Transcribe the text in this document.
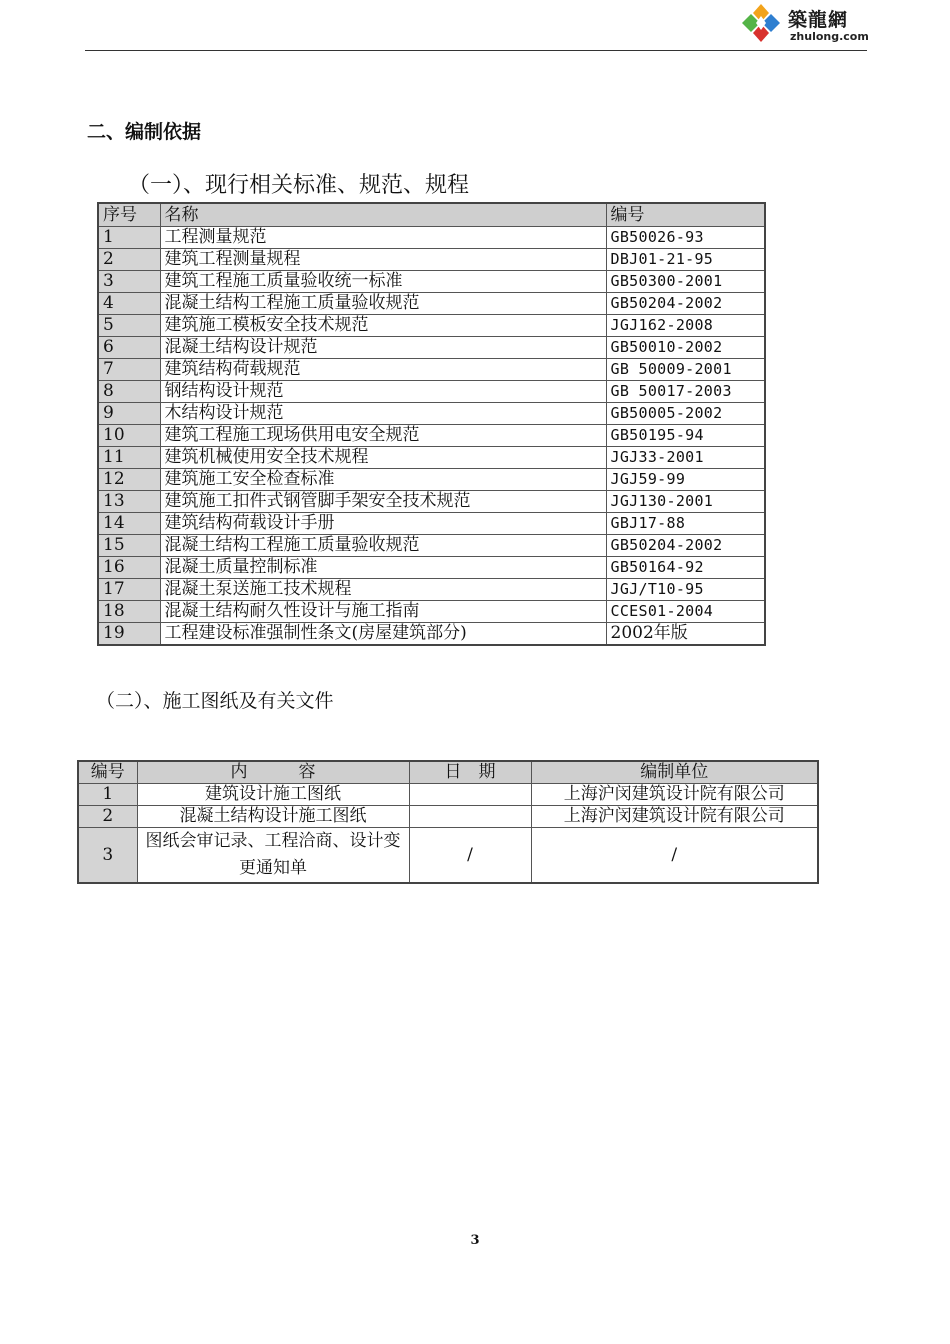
築龍網
zhulong.com
二、编制依据
（一）、现行相关标准、规范、规程
序号	名称	编号
1	工程测量规范	GB50026-93
2	建筑工程测量规程	DBJ01-21-95
3	建筑工程施工质量验收统一标准	GB50300-2001
4	混凝土结构工程施工质量验收规范	GB50204-2002
5	建筑施工模板安全技术规范	JGJ162-2008
6	混凝土结构设计规范	GB50010-2002
7	建筑结构荷载规范	GB 50009-2001
8	钢结构设计规范	GB 50017-2003
9	木结构设计规范	GB50005-2002
10	建筑工程施工现场供用电安全规范	GB50195-94
11	建筑机械使用安全技术规程	JGJ33-2001
12	建筑施工安全检查标准	JGJ59-99
13	建筑施工扣件式钢管脚手架安全技术规范	JGJ130-2001
14	建筑结构荷载设计手册	GBJ17-88
15	混凝土结构工程施工质量验收规范	GB50204-2002
16	混凝土质量控制标准	GB50164-92
17	混凝土泵送施工技术规程	JGJ/T10-95
18	混凝土结构耐久性设计与施工指南	CCES01-2004
19	工程建设标准强制性条文(房屋建筑部分)	2002年版
（二）、施工图纸及有关文件
编号	内　　　容	日　期	编制单位
1	建筑设计施工图纸		上海沪闵建筑设计院有限公司
2	混凝土结构设计施工图纸		上海沪闵建筑设计院有限公司
3	图纸会审记录、工程洽商、设计变更通知单	/	/
3
